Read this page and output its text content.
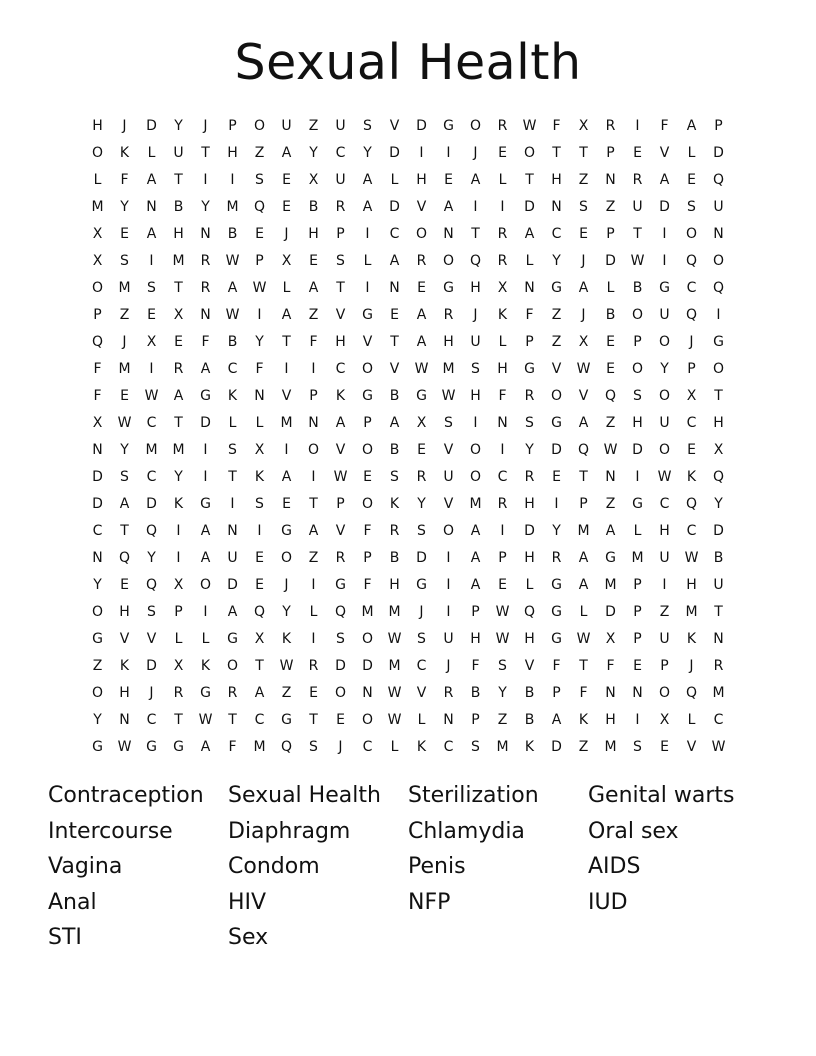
Sexual Health
H	J	D	Y	J	P	O	U	Z	U	S	V	D	G	O	R	W	F	X	R	I	F	A	P
O	K	L	U	T	H	Z	A	Y	C	Y	D	I	I	J	E	O	T	T	P	E	V	L	D
L	F	A	T	I	I	S	E	X	U	A	L	H	E	A	L	T	H	Z	N	R	A	E	Q
M	Y	N	B	Y	M	Q	E	B	R	A	D	V	A	I	I	D	N	S	Z	U	D	S	U
X	E	A	H	N	B	E	J	H	P	I	C	O	N	T	R	A	C	E	P	T	I	O	N
X	S	I	M	R	W	P	X	E	S	L	A	R	O	Q	R	L	Y	J	D	W	I	Q	O
O	M	S	T	R	A	W	L	A	T	I	N	E	G	H	X	N	G	A	L	B	G	C	Q
P	Z	E	X	N	W	I	A	Z	V	G	E	A	R	J	K	F	Z	J	B	O	U	Q	I
Q	J	X	E	F	B	Y	T	F	H	V	T	A	H	U	L	P	Z	X	E	P	O	J	G
F	M	I	R	A	C	F	I	I	C	O	V	W	M	S	H	G	V	W	E	O	Y	P	O
F	E	W	A	G	K	N	V	P	K	G	B	G	W	H	F	R	O	V	Q	S	O	X	T
X	W	C	T	D	L	L	M	N	A	P	A	X	S	I	N	S	G	A	Z	H	U	C	H
N	Y	M	M	I	S	X	I	O	V	O	B	E	V	O	I	Y	D	Q	W	D	O	E	X
D	S	C	Y	I	T	K	A	I	W	E	S	R	U	O	C	R	E	T	N	I	W	K	Q
D	A	D	K	G	I	S	E	T	P	O	K	Y	V	M	R	H	I	P	Z	G	C	Q	Y
C	T	Q	I	A	N	I	G	A	V	F	R	S	O	A	I	D	Y	M	A	L	H	C	D
N	Q	Y	I	A	U	E	O	Z	R	P	B	D	I	A	P	H	R	A	G	M	U	W	B
Y	E	Q	X	O	D	E	J	I	G	F	H	G	I	A	E	L	G	A	M	P	I	H	U
O	H	S	P	I	A	Q	Y	L	Q	M	M	J	I	P	W	Q	G	L	D	P	Z	M	T
G	V	V	L	L	G	X	K	I	S	O	W	S	U	H	W	H	G	W	X	P	U	K	N
Z	K	D	X	K	O	T	W	R	D	D	M	C	J	F	S	V	F	T	F	E	P	J	R
O	H	J	R	G	R	A	Z	E	O	N	W	V	R	B	Y	B	P	F	N	N	O	Q	M
Y	N	C	T	W	T	C	G	T	E	O	W	L	N	P	Z	B	A	K	H	I	X	L	C
G	W	G	G	A	F	M	Q	S	J	C	L	K	C	S	M	K	D	Z	M	S	E	V	W
Contraception	Sexual Health	Sterilization	Genital warts
Intercourse	Diaphragm	Chlamydia	Oral sex
Vagina	Condom	Penis	AIDS
Anal	HIV	NFP	IUD
STI	Sex
